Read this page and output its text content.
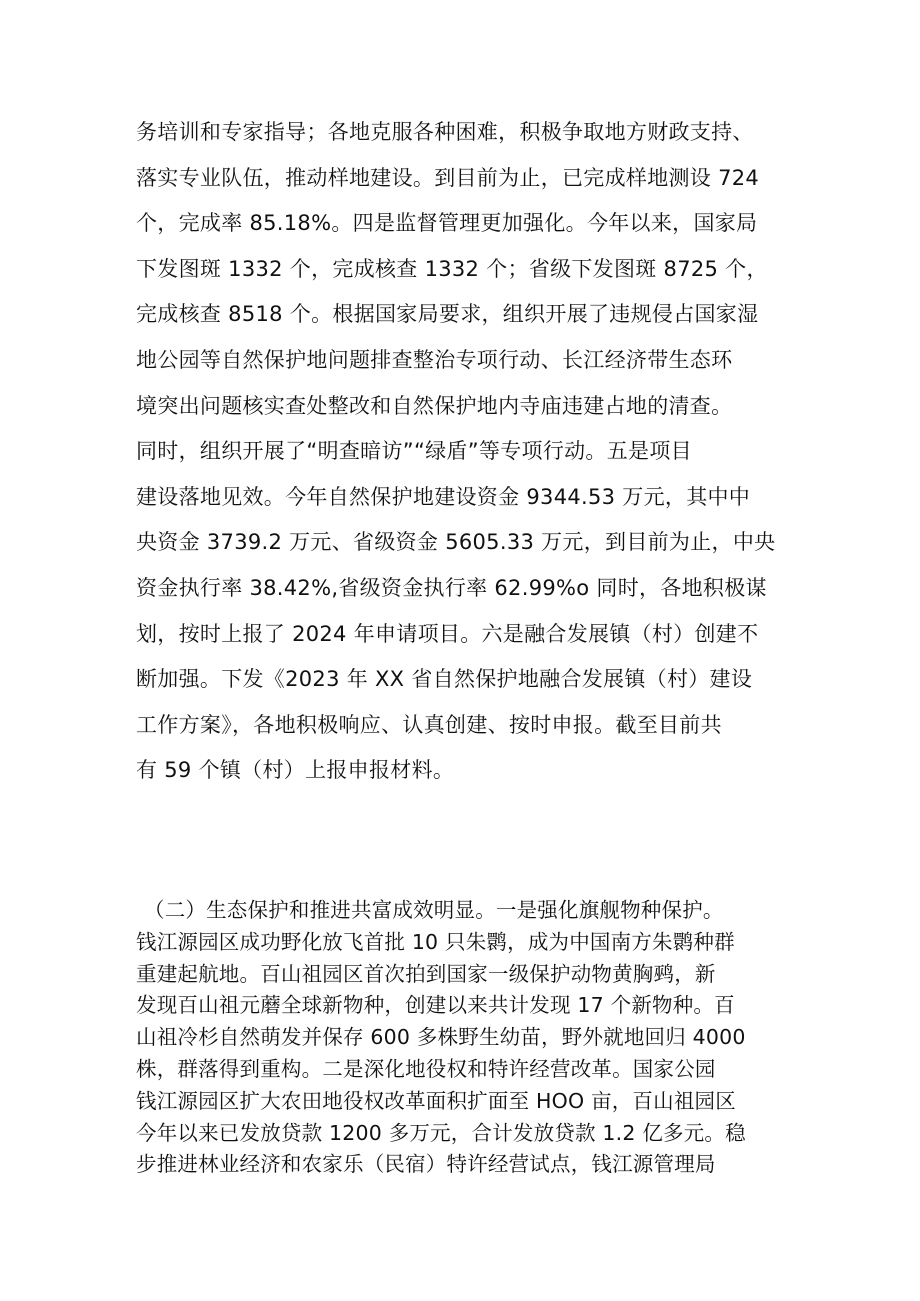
务培训和专家指导；各地克服各种困难，积极争取地方财政支持、
落实专业队伍，推动样地建设。到目前为止，已完成样地测设 724
个，完成率 85.18%。四是监督管理更加强化。今年以来，国家局
下发图斑 1332 个，完成核查 1332 个；省级下发图斑 8725 个，
完成核查 8518 个。根据国家局要求，组织开展了违规侵占国家湿
地公园等自然保护地问题排查整治专项行动、长江经济带生态环
境突出问题核实查处整改和自然保护地内寺庙违建占地的清查。
同时，组织开展了“明查暗访”“绿盾”等专项行动。五是项目
建设落地见效。今年自然保护地建设资金 9344.53 万元，其中中
央资金 3739.2 万元、省级资金 5605.33 万元，到目前为止，中央
资金执行率 38.42%,省级资金执行率 62.99%o 同时，各地积极谋
划，按时上报了 2024 年申请项目。六是融合发展镇（村）创建不
断加强。下发《2023 年 XX 省自然保护地融合发展镇（村）建设
工作方案》，各地积极响应、认真创建、按时申报。截至目前共
有 59 个镇（村）上报申报材料。
（二）生态保护和推进共富成效明显。一是强化旗舰物种保护。
钱江源园区成功野化放飞首批 10 只朱鹮，成为中国南方朱鹮种群
重建起航地。百山祖园区首次拍到国家一级保护动物黄胸鹀，新
发现百山祖元蘑全球新物种，创建以来共计发现 17 个新物种。百
山祖冷杉自然萌发并保存 600 多株野生幼苗，野外就地回归 4000
株，群落得到重构。二是深化地役权和特许经营改革。国家公园
钱江源园区扩大农田地役权改革面积扩面至 HOO 亩，百山祖园区
今年以来已发放贷款 1200 多万元，合计发放贷款 1.2 亿多元。稳
步推进林业经济和农家乐（民宿）特许经营试点，钱江源管理局
